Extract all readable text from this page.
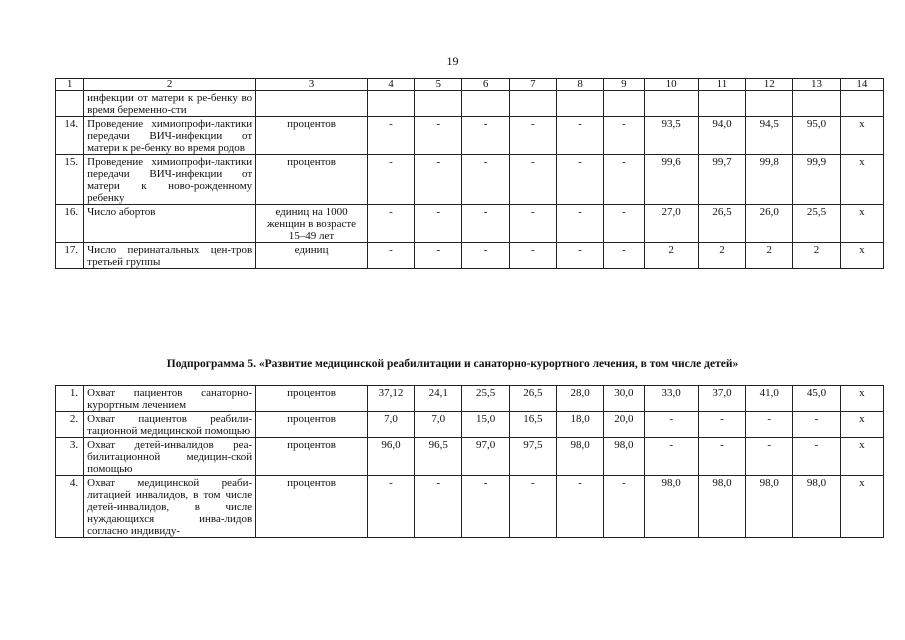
19
1	2	3	4	5	6	7	8	9	10	11	12	13	14
	инфекции от матери к ре-бенку во время беременно-сти												
14.	Проведение химиопрофи-лактики передачи ВИЧ-инфекции от матери к ре-бенку во время родов	процентов	-	-	-	-	-	-	93,5	94,0	94,5	95,0	х
15.	Проведение химиопрофи-лактики передачи ВИЧ-инфекции от матери к ново-рожденному ребенку	процентов	-	-	-	-	-	-	99,6	99,7	99,8	99,9	х
16.	Число абортов	единиц на 1000 женщин в возрасте 15–49 лет	-	-	-	-	-	-	27,0	26,5	26,0	25,5	х
17.	Число перинатальных цен-тров третьей группы	единиц	-	-	-	-	-	-	2	2	2	2	х
Подпрограмма 5. «Развитие медицинской реабилитации и санаторно-курортного лечения, в том числе детей»
1.	Охват пациентов санаторно-курортным лечением	процентов	37,12	24,1	25,5	26,5	28,0	30,0	33,0	37,0	41,0	45,0	х
2.	Охват пациентов реабили-тационной медицинской помощью	процентов	7,0	7,0	15,0	16,5	18,0	20,0	-	-	-	-	х
3.	Охват детей-инвалидов реа-билитационной медицин-ской помощью	процентов	96,0	96,5	97,0	97,5	98,0	98,0	-	-	-	-	х
4.	Охват медицинской реаби-литацией инвалидов, в том числе детей-инвалидов, в числе нуждающихся инва-лидов согласно индивиду-	процентов	-	-	-	-	-	-	98,0	98,0	98,0	98,0	х
